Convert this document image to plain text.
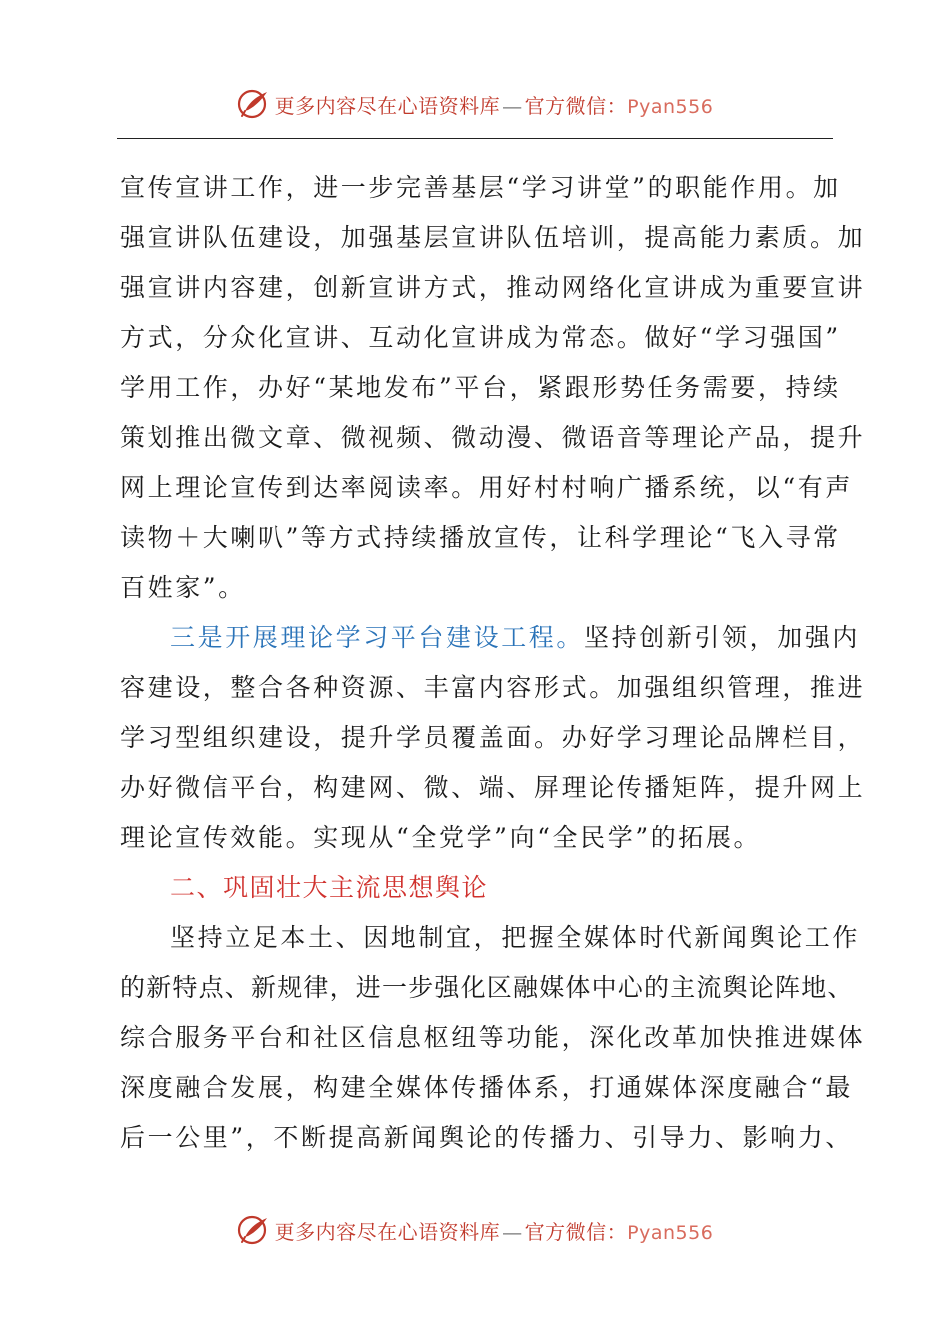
更多内容尽在心语资料库 — 官方微信：Pyan556
宣传宣讲工作，进一步完善基层“学习讲堂”的职能作用。加
强宣讲队伍建设，加强基层宣讲队伍培训，提高能力素质。加
强宣讲内容建，创新宣讲方式，推动网络化宣讲成为重要宣讲
方式，分众化宣讲、互动化宣讲成为常态。做好“学习强国”
学用工作，办好“某地发布”平台，紧跟形势任务需要，持续
策划推出微文章、微视频、微动漫、微语音等理论产品，提升
网上理论宣传到达率阅读率。用好村村响广播系统，以“有声
读物＋大喇叭”等方式持续播放宣传，让科学理论“飞入寻常
百姓家”。
三是开展理论学习平台建设工程。坚持创新引领，加强内
容建设，整合各种资源、丰富内容形式。加强组织管理，推进
学习型组织建设，提升学员覆盖面。办好学习理论品牌栏目，
办好微信平台，构建网、微、端、屏理论传播矩阵，提升网上
理论宣传效能。实现从“全党学”向“全民学”的拓展。
二、巩固壮大主流思想舆论
坚持立足本土、因地制宜，把握全媒体时代新闻舆论工作
的新特点、新规律，进一步强化区融媒体中心的主流舆论阵地、
综合服务平台和社区信息枢纽等功能，深化改革加快推进媒体
深度融合发展，构建全媒体传播体系，打通媒体深度融合“最
后一公里”，不断提高新闻舆论的传播力、引导力、影响力、
更多内容尽在心语资料库 — 官方微信：Pyan556
